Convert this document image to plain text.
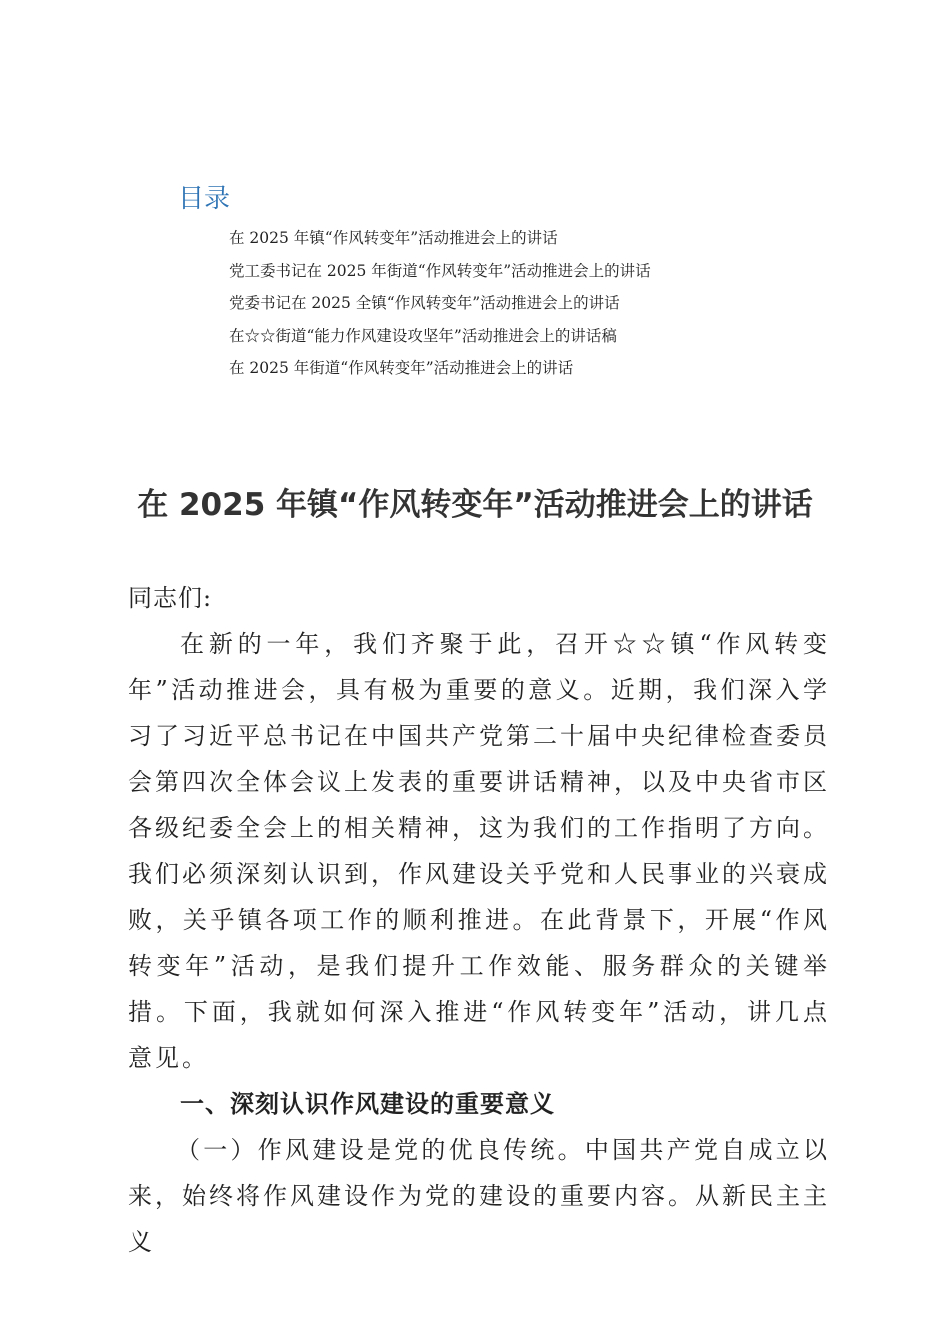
目录
在 2025 年镇“作风转变年”活动推进会上的讲话
党工委书记在 2025 年街道“作风转变年”活动推进会上的讲话
党委书记在 2025 全镇“作风转变年”活动推进会上的讲话
在☆☆街道“能力作风建设攻坚年”活动推进会上的讲话稿
在 2025 年街道“作风转变年”活动推进会上的讲话
在 2025 年镇“作风转变年”活动推进会上的讲话

同志们:

在新的一年，我们齐聚于此，召开☆☆镇“作风转变年”活动推进会，具有极为重要的意义。近期，我们深入学习了习近平总书记在中国共产党第二十届中央纪律检查委员会第四次全体会议上发表的重要讲话精神，以及中央省市区各级纪委全会上的相关精神，这为我们的工作指明了方向。我们必须深刻认识到，作风建设关乎党和人民事业的兴衰成败，关乎镇各项工作的顺利推进。在此背景下，开展“作风转变年”活动，是我们提升工作效能、服务群众的关键举措。下面，我就如何深入推进“作风转变年”活动，讲几点意见。

一、深刻认识作风建设的重要意义

（一）作风建设是党的优良传统。中国共产党自成立以来，始终将作风建设作为党的建设的重要内容。从新民主主义
